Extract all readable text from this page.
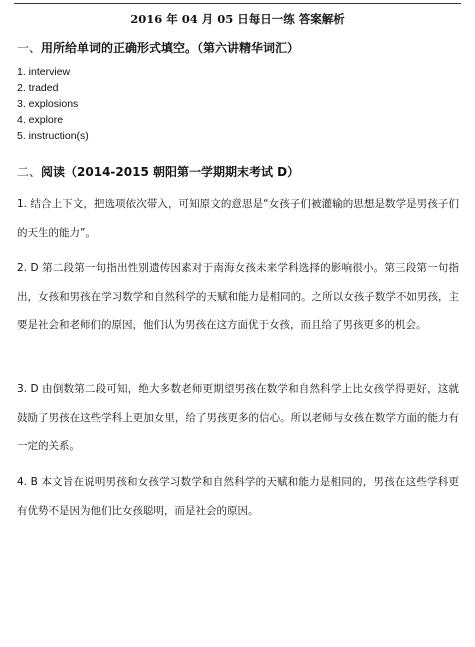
2016 年 04 月 05 日每日一练 答案解析
一、用所给单词的正确形式填空。（第六讲精华词汇）
1. interview
2. traded
3. explosions
4. explore
5. instruction(s)
二、阅读（2014-2015 朝阳第一学期期末考试 D）
1. 结合上下文，把选项依次带入，可知原文的意思是“女孩子们被灌输的思想是数学是男孩子们的天生的能力”。
2. D 第二段第一句指出性别遗传因素对于南海女孩未来学科选择的影响很小。第三段第一句指出，女孩和男孩在学习数学和自然科学的天赋和能力是相同的。之所以女孩子数学不如男孩，主要是社会和老师们的原因，他们认为男孩在这方面优于女孩，而且给了男孩更多的机会。
3. D 由倒数第二段可知，绝大多数老师更期望男孩在数学和自然科学上比女孩学得更好，这就鼓励了男孩在这些学科上更加女里，给了男孩更多的信心。所以老师与女孩在数学方面的能力有一定的关系。
4. B 本文旨在说明男孩和女孩学习数学和自然科学的天赋和能力是相同的，男孩在这些学科更有优势不是因为他们比女孩聪明，而是社会的原因。
